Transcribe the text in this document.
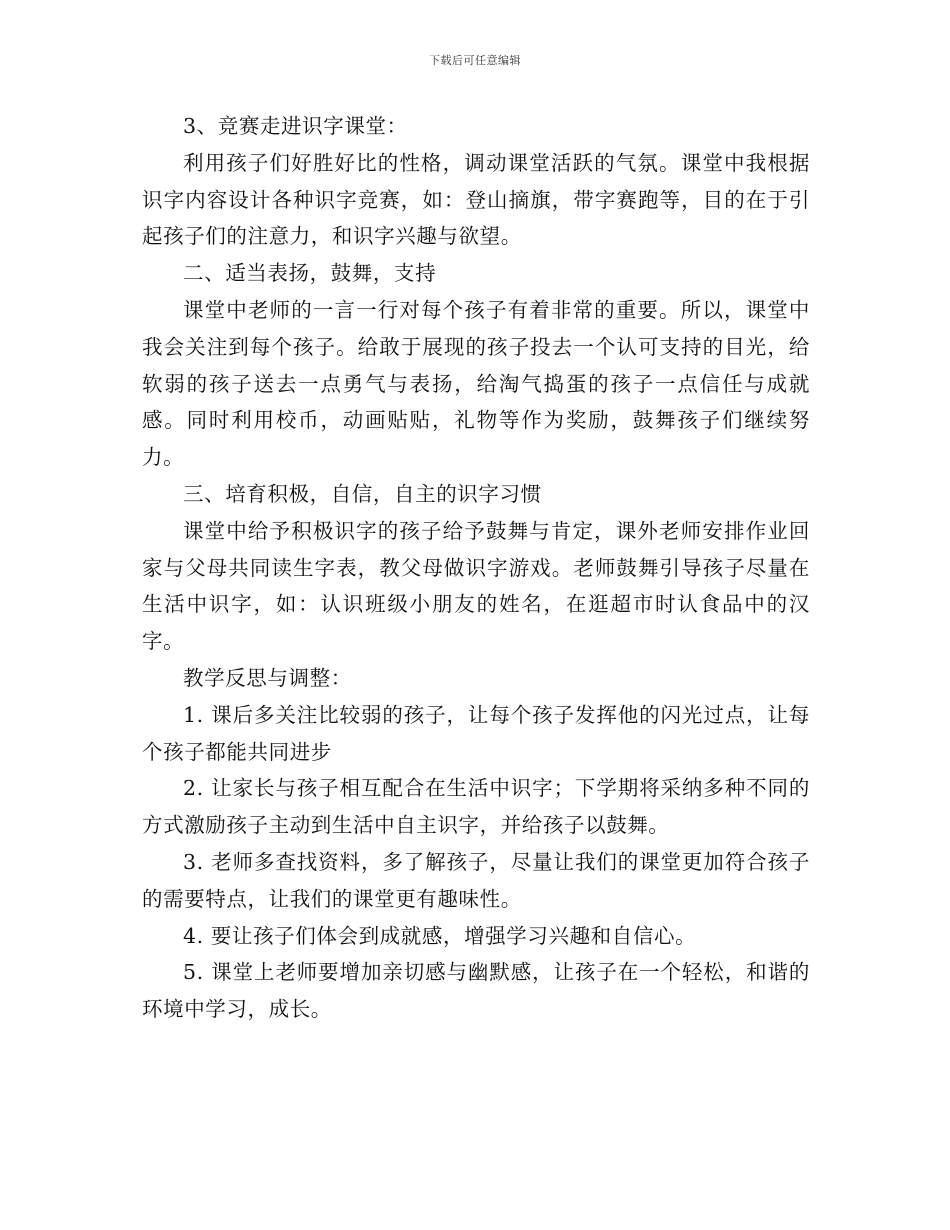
下载后可任意编辑

3、竞赛走进识字课堂：

利用孩子们好胜好比的性格，调动课堂活跃的气氛。课堂中我根据识字内容设计各种识字竞赛，如：登山摘旗，带字赛跑等，目的在于引起孩子们的注意力，和识字兴趣与欲望。

二、适当表扬，鼓舞，支持

课堂中老师的一言一行对每个孩子有着非常的重要。所以，课堂中我会关注到每个孩子。给敢于展现的孩子投去一个认可支持的目光，给软弱的孩子送去一点勇气与表扬，给淘气捣蛋的孩子一点信任与成就感。同时利用校币，动画贴贴，礼物等作为奖励，鼓舞孩子们继续努力。

三、培育积极，自信，自主的识字习惯

课堂中给予积极识字的孩子给予鼓舞与肯定，课外老师安排作业回家与父母共同读生字表，教父母做识字游戏。老师鼓舞引导孩子尽量在生活中识字，如：认识班级小朋友的姓名，在逛超市时认食品中的汉字。

教学反思与调整：

1. 课后多关注比较弱的孩子，让每个孩子发挥他的闪光过点，让每个孩子都能共同进步

2. 让家长与孩子相互配合在生活中识字；下学期将采纳多种不同的方式激励孩子主动到生活中自主识字，并给孩子以鼓舞。

3. 老师多查找资料，多了解孩子，尽量让我们的课堂更加符合孩子的需要特点，让我们的课堂更有趣味性。

4. 要让孩子们体会到成就感，增强学习兴趣和自信心。

5. 课堂上老师要增加亲切感与幽默感，让孩子在一个轻松，和谐的环境中学习，成长。
